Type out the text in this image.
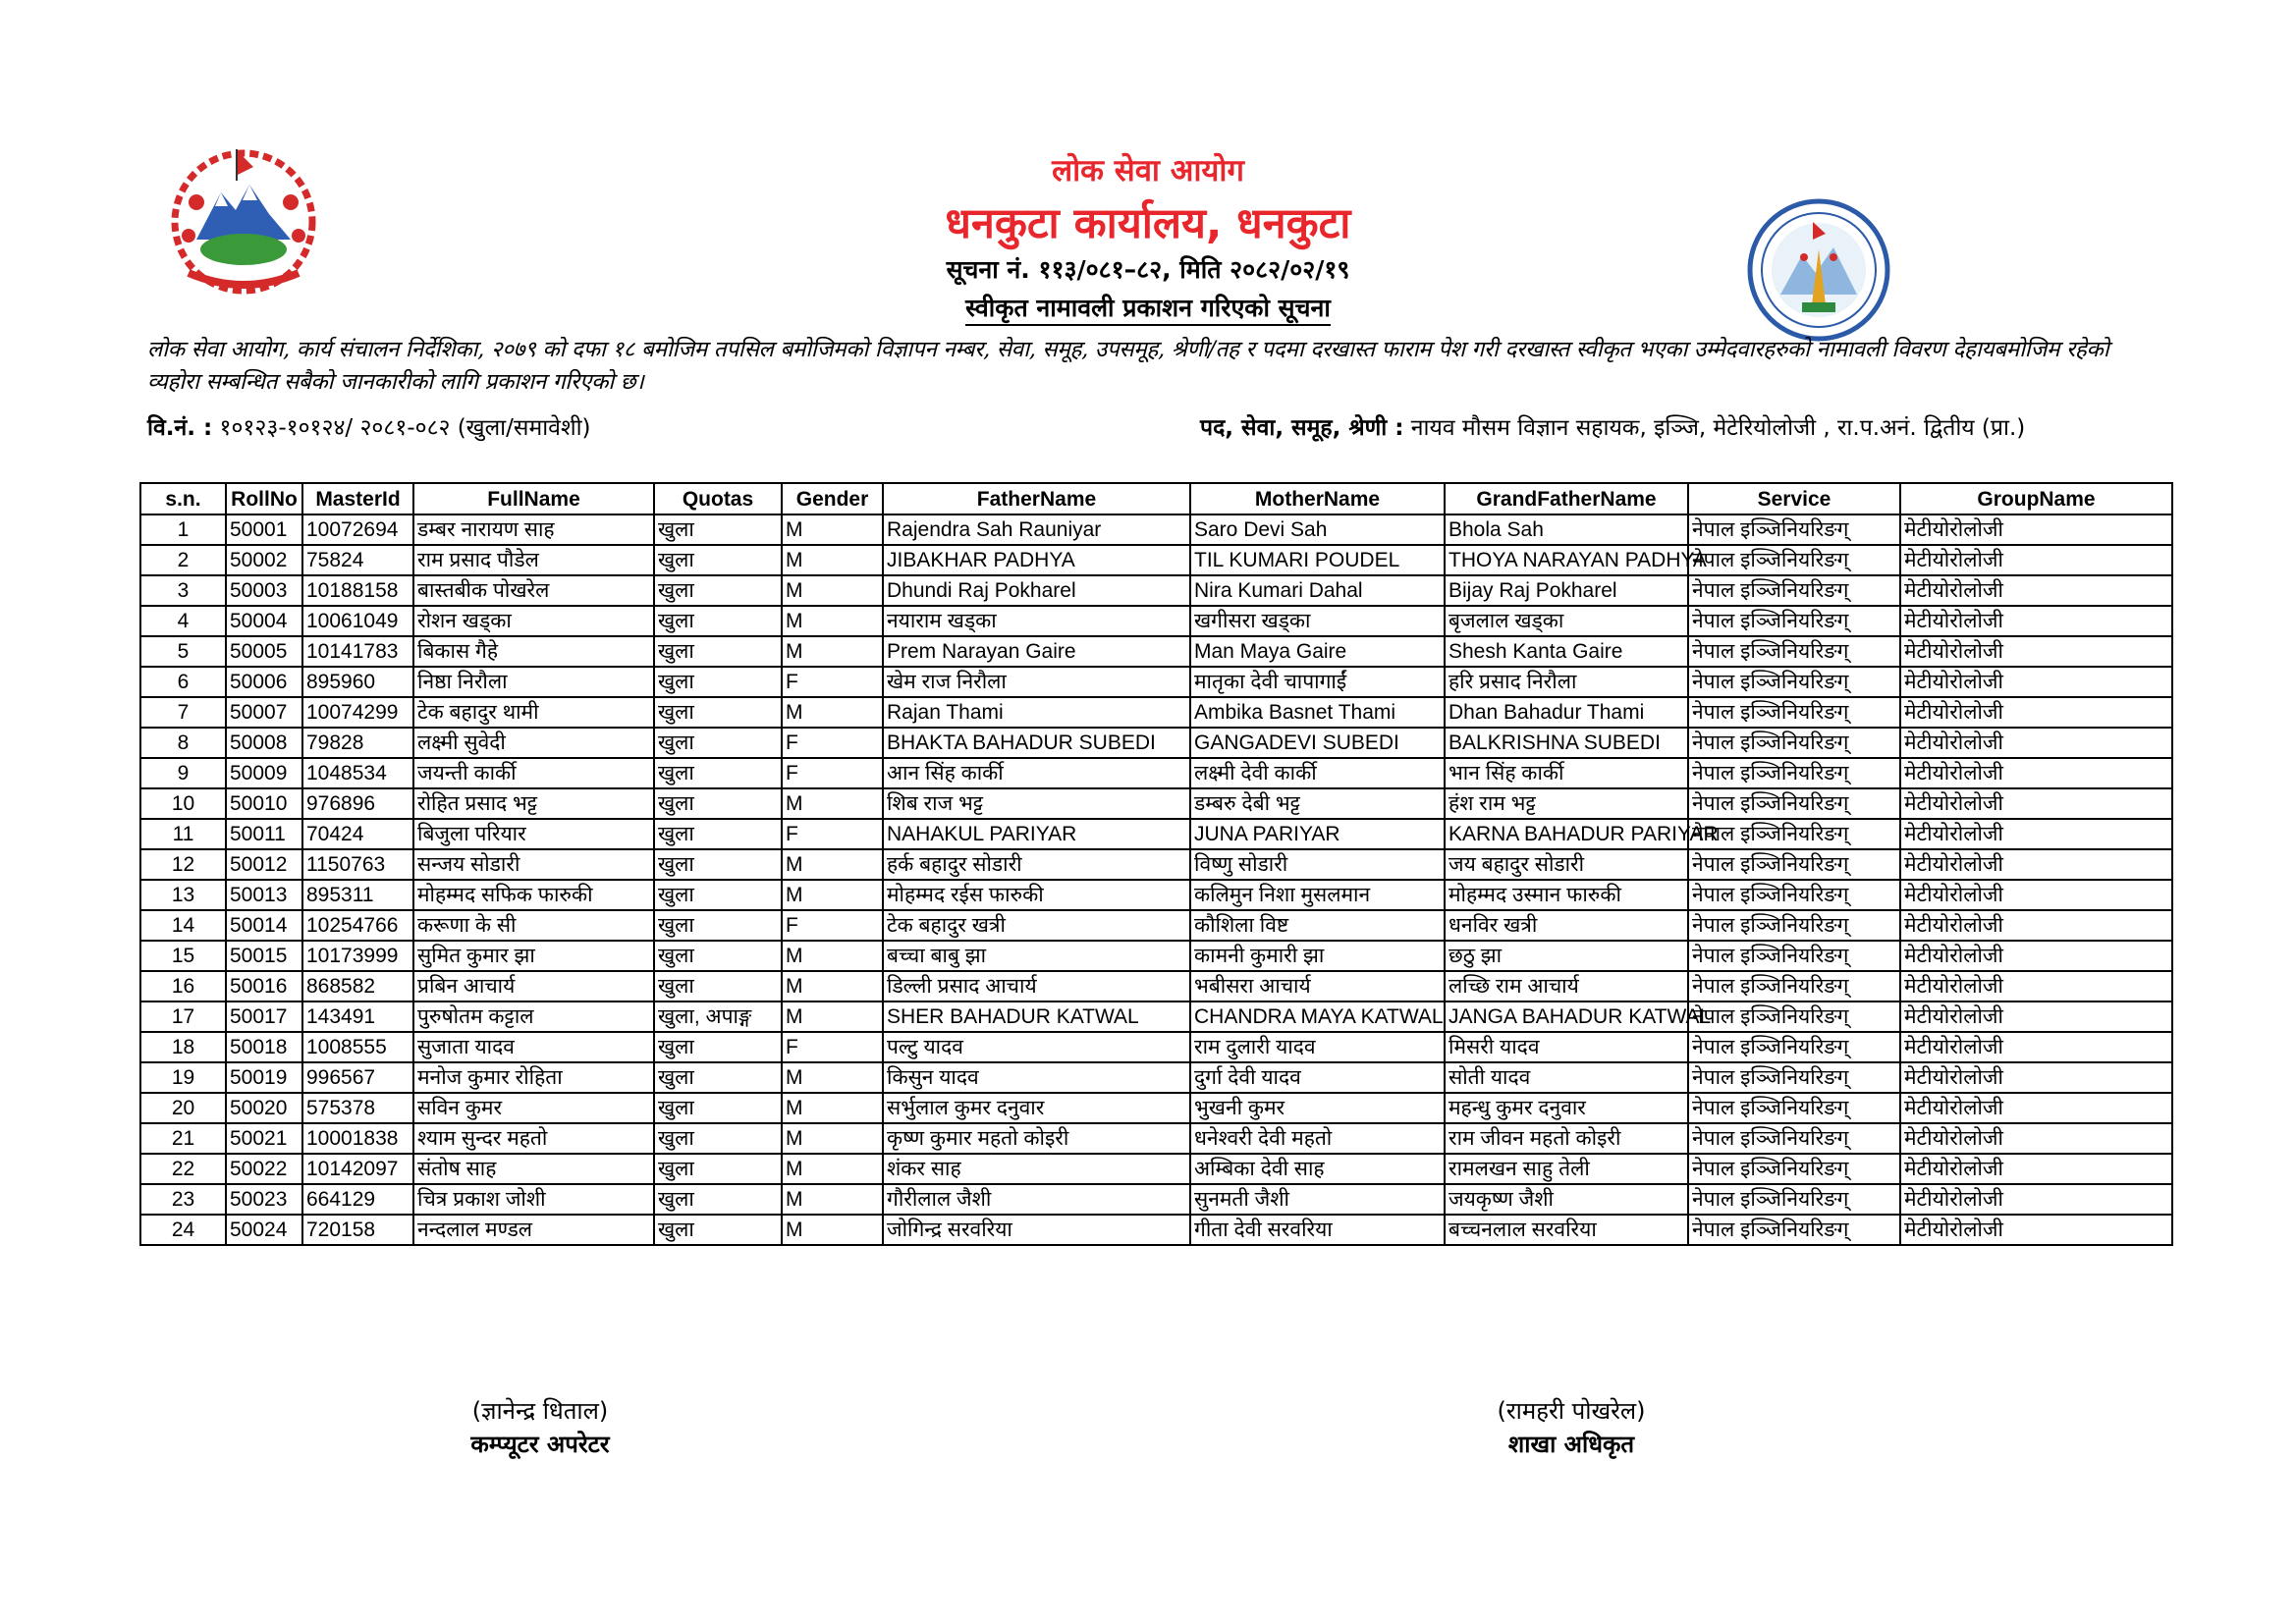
लोक सेवा आयोग
धनकुटा कार्यालय, धनकुटा
सूचना नं. ११३/०८१–८२, मिति २०८२/०२/१९
स्वीकृत नामावली प्रकाशन गरिएको सूचना
लोक सेवा आयोग, कार्य संचालन निर्देशिका, २०७९ को दफा १८ बमोजिम तपसिल बमोजिमको विज्ञापन नम्बर, सेवा, समूह, उपसमूह, श्रेणी/तह र पदमा दरखास्त फाराम पेश गरी दरखास्त स्वीकृत भएका उम्मेदवारहरुको नामावली विवरण देहायबमोजिम रहेको व्यहोरा सम्बन्धित सबैको जानकारीको लागि प्रकाशन गरिएको छ।
वि.नं. : १०१२३-१०१२४/ २०८१-०८२ (खुला/समावेशी)	पद, सेवा, समूह, श्रेणी : नायव मौसम विज्ञान सहायक, इञ्जि, मेटेरियोलोजी , रा.प.अनं. द्वितीय (प्रा.)
s.n.	RollNo	MasterId	FullName	Quotas	Gender	FatherName	MotherName	GrandFatherName	Service	GroupName
1	50001	10072694	डम्बर नारायण साह	खुला	M	Rajendra Sah Rauniyar	Saro Devi Sah	Bhola Sah	नेपाल इञ्जिनियरिङग्	मेटीयोरोलोजी
2	50002	75824	राम प्रसाद पौडेल	खुला	M	JIBAKHAR PADHYA	TIL KUMARI POUDEL	THOYA NARAYAN PADHYA	नेपाल इञ्जिनियरिङग्	मेटीयोरोलोजी
3	50003	10188158	बास्तबीक पोखरेल	खुला	M	Dhundi Raj Pokharel	Nira Kumari Dahal	Bijay Raj Pokharel	नेपाल इञ्जिनियरिङग्	मेटीयोरोलोजी
4	50004	10061049	रोशन खड्का	खुला	M	नयाराम खड्का	खगीसरा खड्का	बृजलाल खड्का	नेपाल इञ्जिनियरिङग्	मेटीयोरोलोजी
5	50005	10141783	बिकास गैहे	खुला	M	Prem Narayan Gaire	Man Maya Gaire	Shesh Kanta Gaire	नेपाल इञ्जिनियरिङग्	मेटीयोरोलोजी
6	50006	895960	निष्ठा निरौला	खुला	F	खेम राज निरौला	मातृका देवी चापागाईं	हरि प्रसाद निरौला	नेपाल इञ्जिनियरिङग्	मेटीयोरोलोजी
7	50007	10074299	टेक बहादुर थामी	खुला	M	Rajan Thami	Ambika Basnet Thami	Dhan Bahadur Thami	नेपाल इञ्जिनियरिङग्	मेटीयोरोलोजी
8	50008	79828	लक्ष्मी सुवेदी	खुला	F	BHAKTA BAHADUR SUBEDI	GANGADEVI SUBEDI	BALKRISHNA SUBEDI	नेपाल इञ्जिनियरिङग्	मेटीयोरोलोजी
9	50009	1048534	जयन्ती कार्की	खुला	F	आन सिंह कार्की	लक्ष्मी देवी कार्की	भान सिंह कार्की	नेपाल इञ्जिनियरिङग्	मेटीयोरोलोजी
10	50010	976896	रोहित प्रसाद भट्ट	खुला	M	शिब राज भट्ट	डम्बरु देबी भट्ट	हंश राम भट्ट	नेपाल इञ्जिनियरिङग्	मेटीयोरोलोजी
11	50011	70424	बिजुला परियार	खुला	F	NAHAKUL PARIYAR	JUNA PARIYAR	KARNA BAHADUR PARIYAR	नेपाल इञ्जिनियरिङग्	मेटीयोरोलोजी
12	50012	1150763	सन्जय सोडारी	खुला	M	हर्क बहादुर सोडारी	विष्णु सोडारी	जय बहादुर सोडारी	नेपाल इञ्जिनियरिङग्	मेटीयोरोलोजी
13	50013	895311	मोहम्मद सफिक फारुकी	खुला	M	मोहम्मद रईस फारुकी	कलिमुन निशा मुसलमान	मोहम्मद उस्मान फारुकी	नेपाल इञ्जिनियरिङग्	मेटीयोरोलोजी
14	50014	10254766	करूणा के सी	खुला	F	टेक बहादुर खत्री	कौशिला विष्ट	धनविर खत्री	नेपाल इञ्जिनियरिङग्	मेटीयोरोलोजी
15	50015	10173999	सुमित कुमार झा	खुला	M	बच्चा बाबु झा	कामनी कुमारी झा	छठु झा	नेपाल इञ्जिनियरिङग्	मेटीयोरोलोजी
16	50016	868582	प्रबिन आचार्य	खुला	M	डिल्ली प्रसाद आचार्य	भबीसरा आचार्य	लच्छि राम आचार्य	नेपाल इञ्जिनियरिङग्	मेटीयोरोलोजी
17	50017	143491	पुरुषोतम कट्टाल	खुला, अपाङ्ग	M	SHER BAHADUR KATWAL	CHANDRA MAYA KATWAL	JANGA BAHADUR KATWAL	नेपाल इञ्जिनियरिङग्	मेटीयोरोलोजी
18	50018	1008555	सुजाता यादव	खुला	F	पल्टु यादव	राम दुलारी यादव	मिसरी यादव	नेपाल इञ्जिनियरिङग्	मेटीयोरोलोजी
19	50019	996567	मनोज कुमार रोहिता	खुला	M	किसुन यादव	दुर्गा देवी यादव	सोती यादव	नेपाल इञ्जिनियरिङग्	मेटीयोरोलोजी
20	50020	575378	सविन कुमर	खुला	M	सर्भुलाल कुमर दनुवार	भुखनी कुमर	महन्धु कुमर दनुवार	नेपाल इञ्जिनियरिङग्	मेटीयोरोलोजी
21	50021	10001838	श्याम सुन्दर महतो	खुला	M	कृष्ण कुमार महतो कोइरी	धनेश्वरी देवी महतो	राम जीवन महतो कोइरी	नेपाल इञ्जिनियरिङग्	मेटीयोरोलोजी
22	50022	10142097	संतोष साह	खुला	M	शंकर साह	अम्बिका देवी साह	रामलखन साहु तेली	नेपाल इञ्जिनियरिङग्	मेटीयोरोलोजी
23	50023	664129	चित्र प्रकाश जोशी	खुला	M	गौरीलाल जैशी	सुनमती जैशी	जयकृष्ण जैशी	नेपाल इञ्जिनियरिङग्	मेटीयोरोलोजी
24	50024	720158	नन्दलाल मण्डल	खुला	M	जोगिन्द्र सरवरिया	गीता देवी सरवरिया	बच्चनलाल सरवरिया	नेपाल इञ्जिनियरिङग्	मेटीयोरोलोजी
(ज्ञानेन्द्र धिताल)
कम्प्यूटर अपरेटर
(रामहरी पोखरेल)
शाखा अधिकृत
